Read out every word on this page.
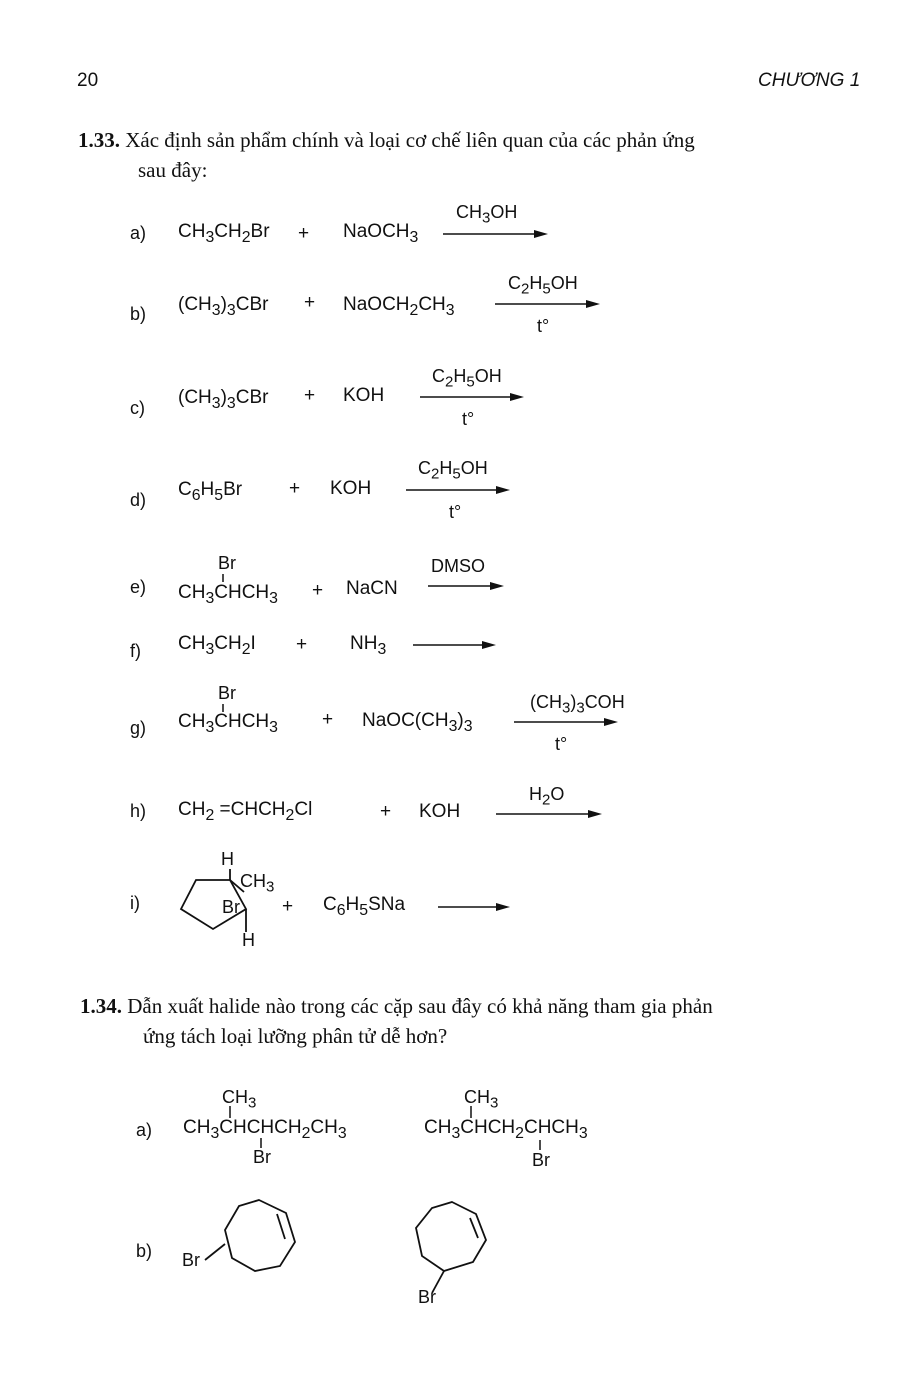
20	CHƯƠNG 1
1.33. Xác định sản phẩm chính và loại cơ chế liên quan của các phản ứng
sau đây:
a) $CH_3CH_2Br$ + NaOCH$_3$
$CH_3OH$
b) $(CH_3)_3CBr$ + $NaOCH_2CH_3$
$C_2H_5OH$
t°
c) $(CH_3)_3CBr$ + KOH
$C_2H_5OH$
t°
d) $C_6H_5Br$ + KOH
$C_2H_5OH$
t°
e)
Br
$CH_3CHCH_3$ + NaCN
DMSO
f) $CH_3CH_2I + NH_3$
g)
Br
$CH_3CHCH_3$ + $NaOC(CH_3)_3$
$(CH_3)_3COH$
t°
h) $CH_2$ $=CHCH_2Cl$	+ KOH
$H_2O$
i)
H
$CH_3$
Br
H
+ $C_6H_5SNa$
1.34. Dẫn xuất halide nào trong các cặp sau đây có khả năng tham gia phản
ứng tách loại lưỡng phân tử dễ hơn?
a)
$CH_3$
$CH_3CHCHCH_2CH_3$
Br
$CH_3$
$CH_3CHCH_2CHCH_3$
Br
b) Br
Br
